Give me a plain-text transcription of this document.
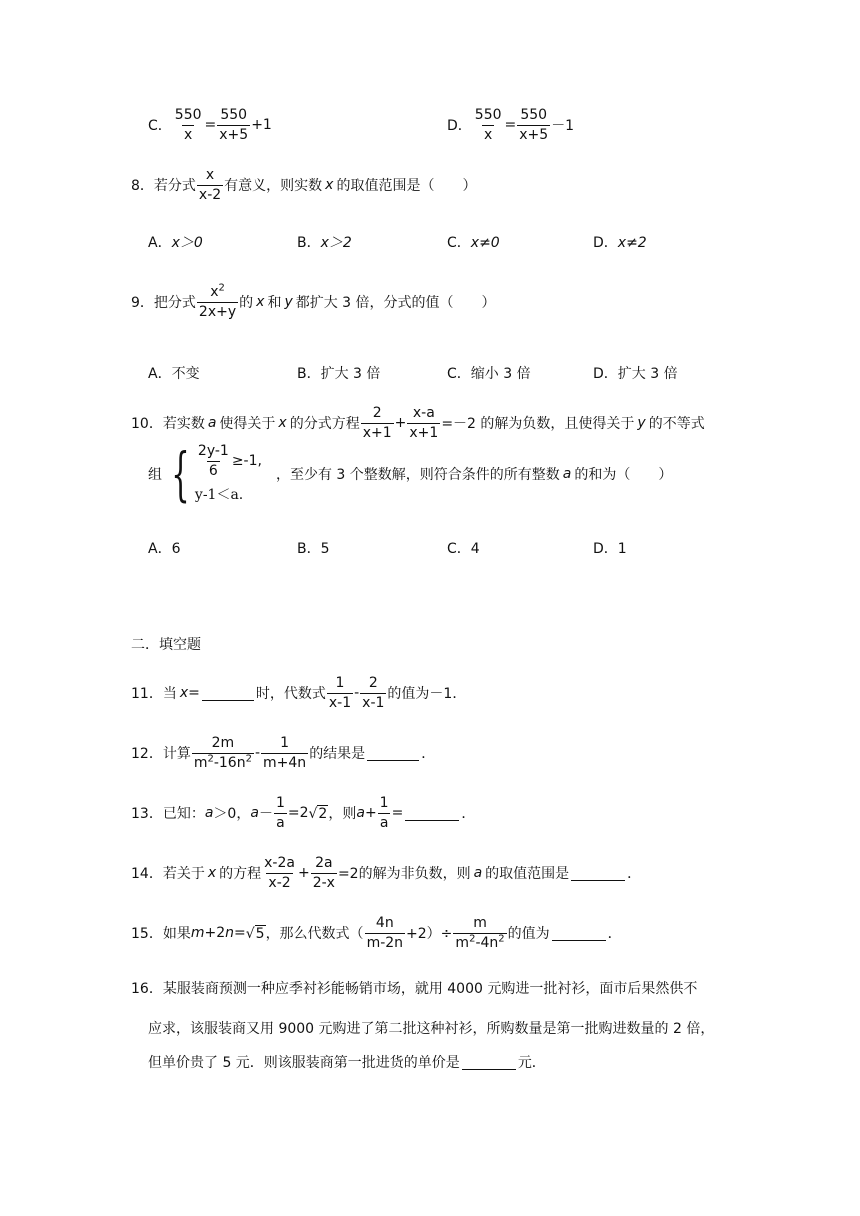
C． $\frac{550}{x} = \frac{550}{x+5} +1$	D． $\frac{550}{x} = \frac{550}{x+5} -1$
8．若分式 $\frac{x}{x-2}$ 有意义，则实数 x 的取值范围是（　　）
A．x＞0	B．x＞2	C．x≠0	D．x≠2
9．把分式 $\frac{x^2}{2x+y}$ 的 x 和 y 都扩大 3 倍，分式的值（　　）
A．不变	B．扩大 3 倍	C．缩小 3 倍	D．扩大 3 倍
10．若实数 a 使得关于 x 的分式方程 $\frac{2}{x+1} + \frac{x-a}{x+1} =-2$ 的解为负数，且使得关于 y 的不等式
组 { $\frac{2y-1}{6} \ge-1$,
y-1＜a.
，至少有 3 个整数解，则符合条件的所有整数 a 的和为（　　）
A．6	B．5	C．4	D．1
二．填空题
11．当 x =	时，代数式 $\frac{1}{x-1} - \frac{2}{x-1}$ 的值为－1．
12．计算 $\frac{2m}{m^2-16n^2} - \frac{1}{m+4n}$ 的结果是	．
13．已知： a ＞0， $a - \frac{1}{a} =2$ √ 2 ，则 $a + \frac{1}{a}$ =	．
14．若关于 x 的方程 $\frac{x-2a}{x-2} + \frac{2a}{2-x} =2$的解为非负数，则 a 的取值范围是	．
15．如果 m +2 n = √ 5 ，那么代数式（ $\frac{4n}{m-2n} +2)\div \frac{m}{m^2-4n^2}$ 的值为	．
16．某服装商预测一种应季衬衫能畅销市场，就用 4000 元购进一批衬衫，面市后果然供不
应求，该服装商又用 9000 元购进了第二批这种衬衫，所购数量是第一批购进数量的 2 倍，
但单价贵了 5 元．则该服装商第一批进货的单价是	元．
